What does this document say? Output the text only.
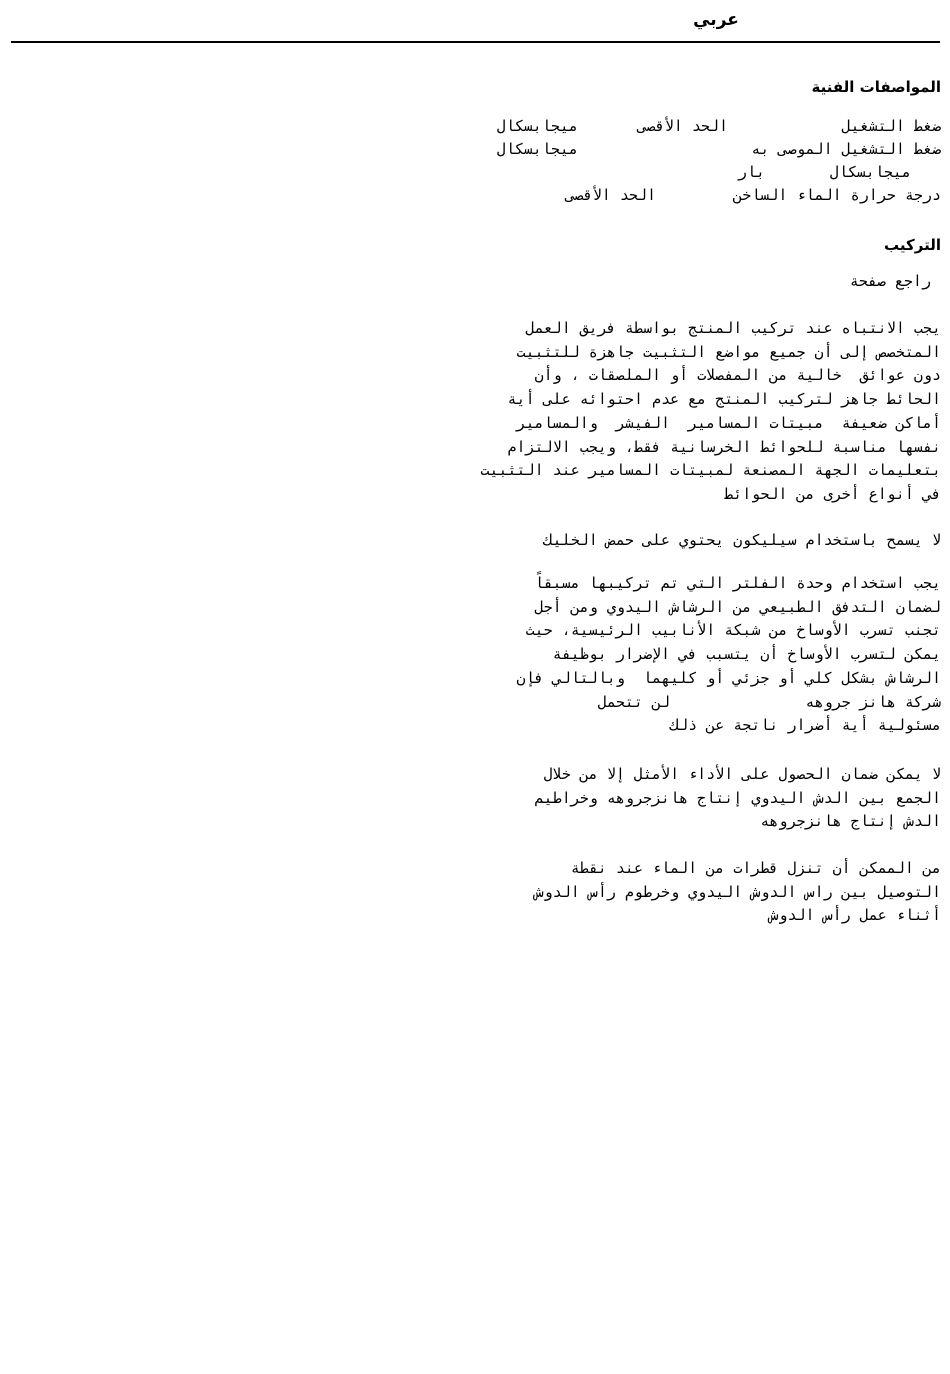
عربي
المواصفات الفنية

ضغط التشغيل

الحد الأقصى

ميجابسكال

ضغط التشغيل الموصى به

ميجابسكال

ميجابسكال

بار

درجة حرارة الماء الساخن

الحد الأقصى

التركيب
راجع صفحة

يجب الانتباه عند تركيب المنتج بواسطة فريق العمل
المتخصص إلى أن جميع مواضع التثبيت جاهزة للتثبيت
دون عوائق  خالية من المفصلات أو الملصقات ، وأن
الحائط جاهز لتركيب المنتج مع عدم احتوائه على أية
أماكن ضعيفة  مبيتات المسامير  الفيشر  والمسامير
نفسها مناسبة للحوائط الخرسانية فقط، ويجب الالتزام
بتعليمات الجهة المصنعة لمبيتات المسامير عند التثبيت
في أنواع أخرى من الحوائط

لا يسمح باستخدام سيليكون يحتوي على حمض الخليك

يجب استخدام وحدة الفلتر التي تم تركيبها مسبقاً
لضمان التدفق الطبيعي من الرشاش اليدوي ومن أجل
تجنب تسرب الأوساخ من شبكة الأنابيب الرئيسية، حيث
يمكن لتسرب الأوساخ أن يتسبب في الإضرار بوظيفة
الرشاش بشكل كلي أو جزئي أو كليهما  وبالتالي فإن
شركة هانز جروهه               لن تتحمل
مسئولية أية أضرار ناتجة عن ذلك

لا يمكن ضمان الحصول على الأداء الأمثل إلا من خلال
الجمع بين الدش اليدوي إنتاج هانزجروهه وخراطيم
الدش إنتاج هانزجروهه

من الممكن أن تنزل قطرات من الماء عند نقطة
التوصيل بين راس الدوش اليدوي وخرطوم رأس الدوش
أثناء عمل رأس الدوش
